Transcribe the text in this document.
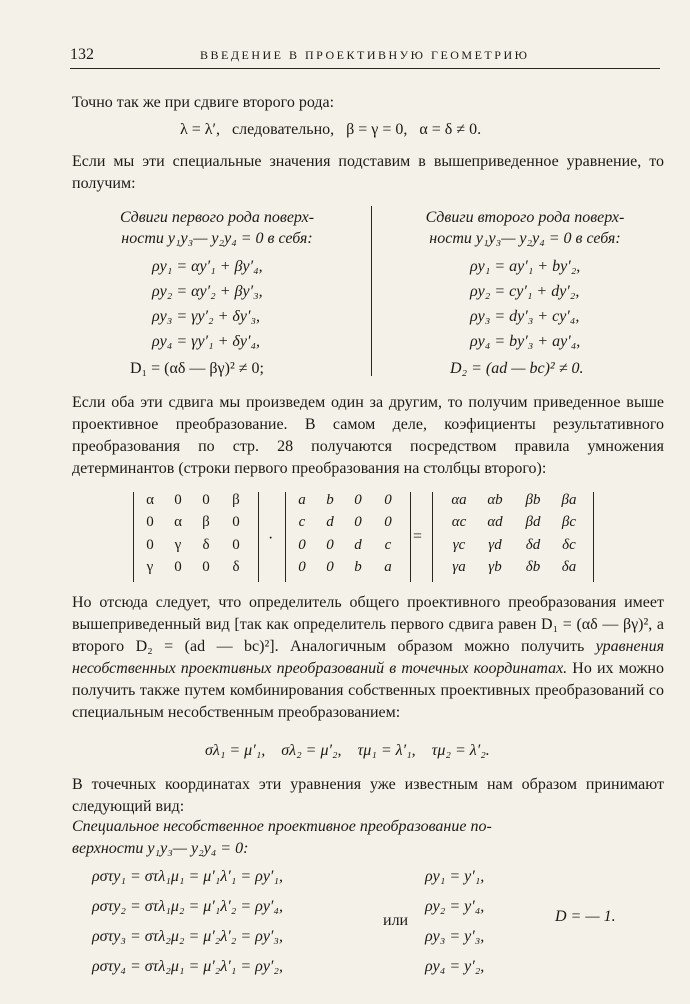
132	ВВЕДЕНИЕ В ПРОЕКТИВНУЮ ГЕОМЕТРИЮ
Точно так же при сдвиге второго рода:
λ = λ′,   следовательно,   β = γ = 0,   α = δ ≠ 0.
Если мы эти специальные значения подставим в вышеприведенное уравнение, то получим:
Сдвиги первого рода поверх-
ности y₁y₃— y₂y₄ = 0 в себя:
ρy₁ = αy′₁ + βy′₄,
ρy₂ = αy′₂ + βy′₃,
ρy₃ = γy′₂ + δy′₃,
ρy₄ = γy′₁ + δy′₄,
D₁ = (αδ — βγ)² ≠ 0;
Сдвиги второго рода поверх-
ности y₁y₃— y₂y₄ = 0 в себя:
ρy₁ = ay′₁ + by′₂,
ρy₂ = cy′₁ + dy′₂,
ρy₃ = dy′₃ + cy′₄,
ρy₄ = by′₃ + ay′₄,
D₂ = (ad — bc)² ≠ 0.
Если оба эти сдвига мы произведем один за другим, то получим приведенное выше проективное преобразование. В самом деле, коэфициенты результативного преобразования по стр. 28 получаются посредством правила умножения детерминантов (строки первого преобразования на столбцы второго):
α	0	0	β
0	α	β	0
0	γ	δ	0
γ	0	0	δ
·
a	b	0	0
c	d	0	0
0	0	d	c
0	0	b	a
=
αa	αb	βb	βa
αc	αd	βd	βc
γc	γd	δd	δc
γa	γb	δb	δa
Но отсюда следует, что определитель общего проективного преобразования имеет вышеприведенный вид [так как определитель первого сдвига равен D₁ = (αδ — βγ)², а второго D₂ = (ad — bc)²]. Аналогичным образом можно получить уравнения несобственных проективных преобразований в точечных координатах. Но их можно получить также путем комбинирования собственных проективных преобразований со специальным несобственным преобразованием:
σλ₁ = μ′₁,    σλ₂ = μ′₂,    τμ₁ = λ′₁,    τμ₂ = λ′₂.
В точечных координатах эти уравнения уже известным нам образом принимают следующий вид:
Специальное несобственное проективное преобразование по-
верхности y₁y₃— y₂y₄ = 0:
ρστy₁ = στλ₁μ₁ = μ′₁λ′₁ = ρy′₁,
ρστy₂ = στλ₁μ₂ = μ′₁λ′₂ = ρy′₄,
ρστy₃ = στλ₂μ₂ = μ′₂λ′₂ = ρy′₃,
ρστy₄ = στλ₂μ₁ = μ′₂λ′₁ = ρy′₂,
или
ρy₁ = y′₁,
ρy₂ = y′₄,
ρy₃ = y′₃,
ρy₄ = y′₂,
D = — 1.
